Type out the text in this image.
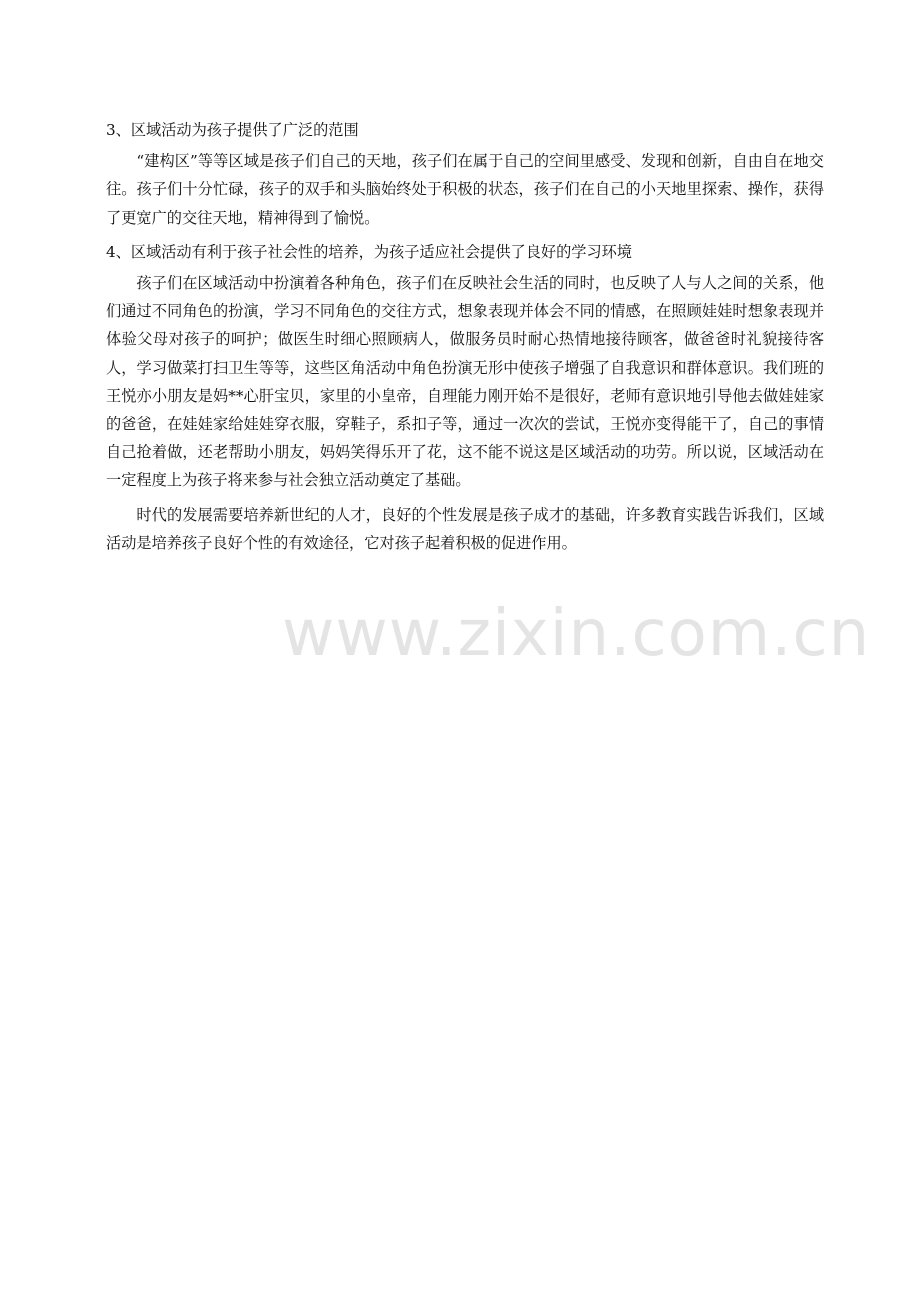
3、区域活动为孩子提供了广泛的范围

“建构区”等等区域是孩子们自己的天地，孩子们在属于自己的空间里感受、发现和创新，自由自在地交往。孩子们十分忙碌，孩子的双手和头脑始终处于积极的状态，孩子们在自己的小天地里探索、操作，获得了更宽广的交往天地，精神得到了愉悦。

4、区域活动有利于孩子社会性的培养，为孩子适应社会提供了良好的学习环境

孩子们在区域活动中扮演着各种角色，孩子们在反映社会生活的同时，也反映了人与人之间的关系，他们通过不同角色的扮演，学习不同角色的交往方式，想象表现并体会不同的情感，在照顾娃娃时想象表现并体验父母对孩子的呵护；做医生时细心照顾病人，做服务员时耐心热情地接待顾客，做爸爸时礼貌接待客人，学习做菜打扫卫生等等，这些区角活动中角色扮演无形中使孩子增强了自我意识和群体意识。我们班的王悦亦小朋友是妈**心肝宝贝，家里的小皇帝，自理能力刚开始不是很好，老师有意识地引导他去做娃娃家的爸爸，在娃娃家给娃娃穿衣服，穿鞋子，系扣子等，通过一次次的尝试，王悦亦变得能干了，自己的事情自己抢着做，还老帮助小朋友，妈妈笑得乐开了花，这不能不说这是区域活动的功劳。所以说，区域活动在一定程度上为孩子将来参与社会独立活动奠定了基础。

时代的发展需要培养新世纪的人才，良好的个性发展是孩子成才的基础，许多教育实践告诉我们，区域活动是培养孩子良好个性的有效途径，它对孩子起着积极的促进作用。

www.zixin.com.cn
